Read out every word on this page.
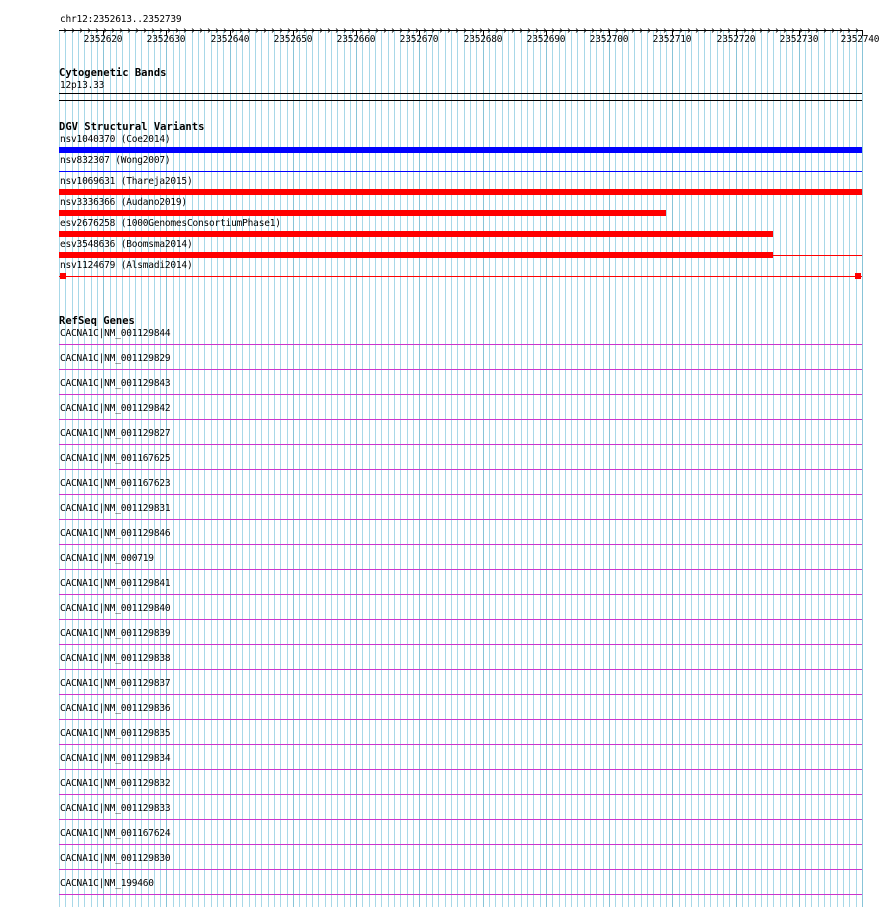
chr12:2352613..2352739
2352620	2352630	2352640	2352650	2352660	2352670	2352680	2352690	2352700	2352710	2352720	2352730 2352740
Cytogenetic Bands
12p13.33
DGV Structural Variants
nsv1040370 (Coe2014)
nsv832307 (Wong2007)
nsv1069631 (Thareja2015)
nsv3336366 (Audano2019)
esv2676258 (1000GenomesConsortiumPhase1)
esv3548636 (Boomsma2014)
nsv1124679 (Alsmadi2014)
RefSeq Genes
CACNA1C|NM_001129844
CACNA1C|NM_001129829
CACNA1C|NM_001129843
CACNA1C|NM_001129842
CACNA1C|NM_001129827
CACNA1C|NM_001167625
CACNA1C|NM_001167623
CACNA1C|NM_001129831
CACNA1C|NM_001129846
CACNA1C|NM_000719
CACNA1C|NM_001129841
CACNA1C|NM_001129840
CACNA1C|NM_001129839
CACNA1C|NM_001129838
CACNA1C|NM_001129837
CACNA1C|NM_001129836
CACNA1C|NM_001129835
CACNA1C|NM_001129834
CACNA1C|NM_001129832
CACNA1C|NM_001129833
CACNA1C|NM_001167624
CACNA1C|NM_001129830
CACNA1C|NM_199460
